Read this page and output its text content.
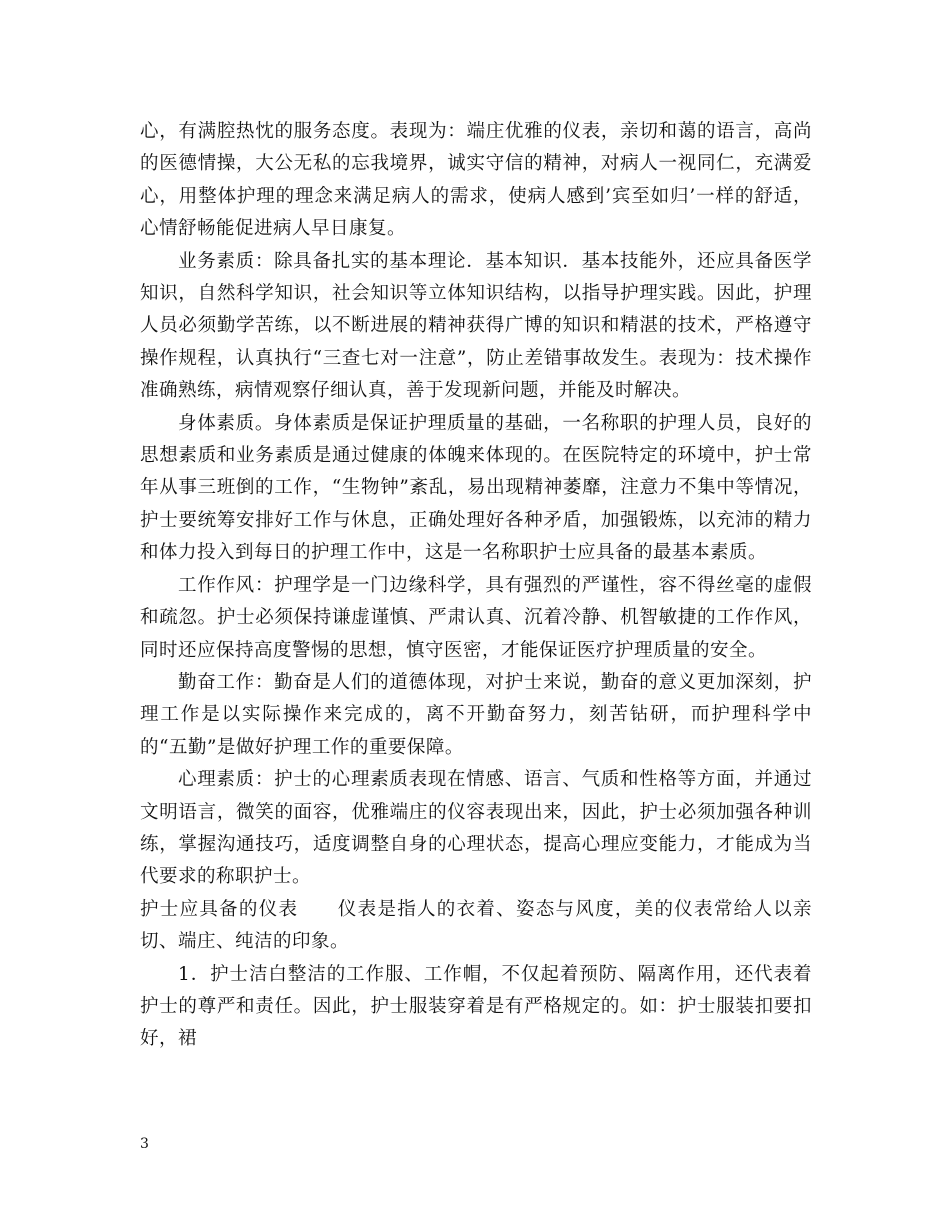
心，有满腔热忱的服务态度。表现为：端庄优雅的仪表，亲切和蔼的语言，高尚的医德情操，大公无私的忘我境界，诚实守信的精神，对病人一视同仁，充满爱心，用整体护理的理念来满足病人的需求，使病人感到’宾至如归’一样的舒适，心情舒畅能促进病人早日康复。

业务素质：除具备扎实的基本理论．基本知识．基本技能外，还应具备医学知识，自然科学知识，社会知识等立体知识结构，以指导护理实践。因此，护理人员必须勤学苦练，以不断进展的精神获得广博的知识和精湛的技术，严格遵守操作规程，认真执行“三查七对一注意”，防止差错事故发生。表现为：技术操作准确熟练，病情观察仔细认真，善于发现新问题，并能及时解决。

身体素质。身体素质是保证护理质量的基础，一名称职的护理人员，良好的思想素质和业务素质是通过健康的体魄来体现的。在医院特定的环境中，护士常年从事三班倒的工作，“生物钟”紊乱，易出现精神萎靡，注意力不集中等情况，护士要统筹安排好工作与休息，正确处理好各种矛盾，加强锻炼，以充沛的精力和体力投入到每日的护理工作中，这是一名称职护士应具备的最基本素质。

工作作风：护理学是一门边缘科学，具有强烈的严谨性，容不得丝毫的虚假和疏忽。护士必须保持谦虚谨慎、严肃认真、沉着冷静、机智敏捷的工作作风，同时还应保持高度警惕的思想，慎守医密，才能保证医疗护理质量的安全。

勤奋工作：勤奋是人们的道德体现，对护士来说，勤奋的意义更加深刻，护理工作是以实际操作来完成的，离不开勤奋努力，刻苦钻研，而护理科学中的“五勤”是做好护理工作的重要保障。

心理素质：护士的心理素质表现在情感、语言、气质和性格等方面，并通过文明语言，微笑的面容，优雅端庄的仪容表现出来，因此，护士必须加强各种训练，掌握沟通技巧，适度调整自身的心理状态，提高心理应变能力，才能成为当代要求的称职护士。

护士应具备的仪表　　仪表是指人的衣着、姿态与风度，美的仪表常给人以亲切、端庄、纯洁的印象。

1．护士洁白整洁的工作服、工作帽，不仅起着预防、隔离作用，还代表着护士的尊严和责任。因此，护士服装穿着是有严格规定的。如：护士服装扣要扣好，裙

3
